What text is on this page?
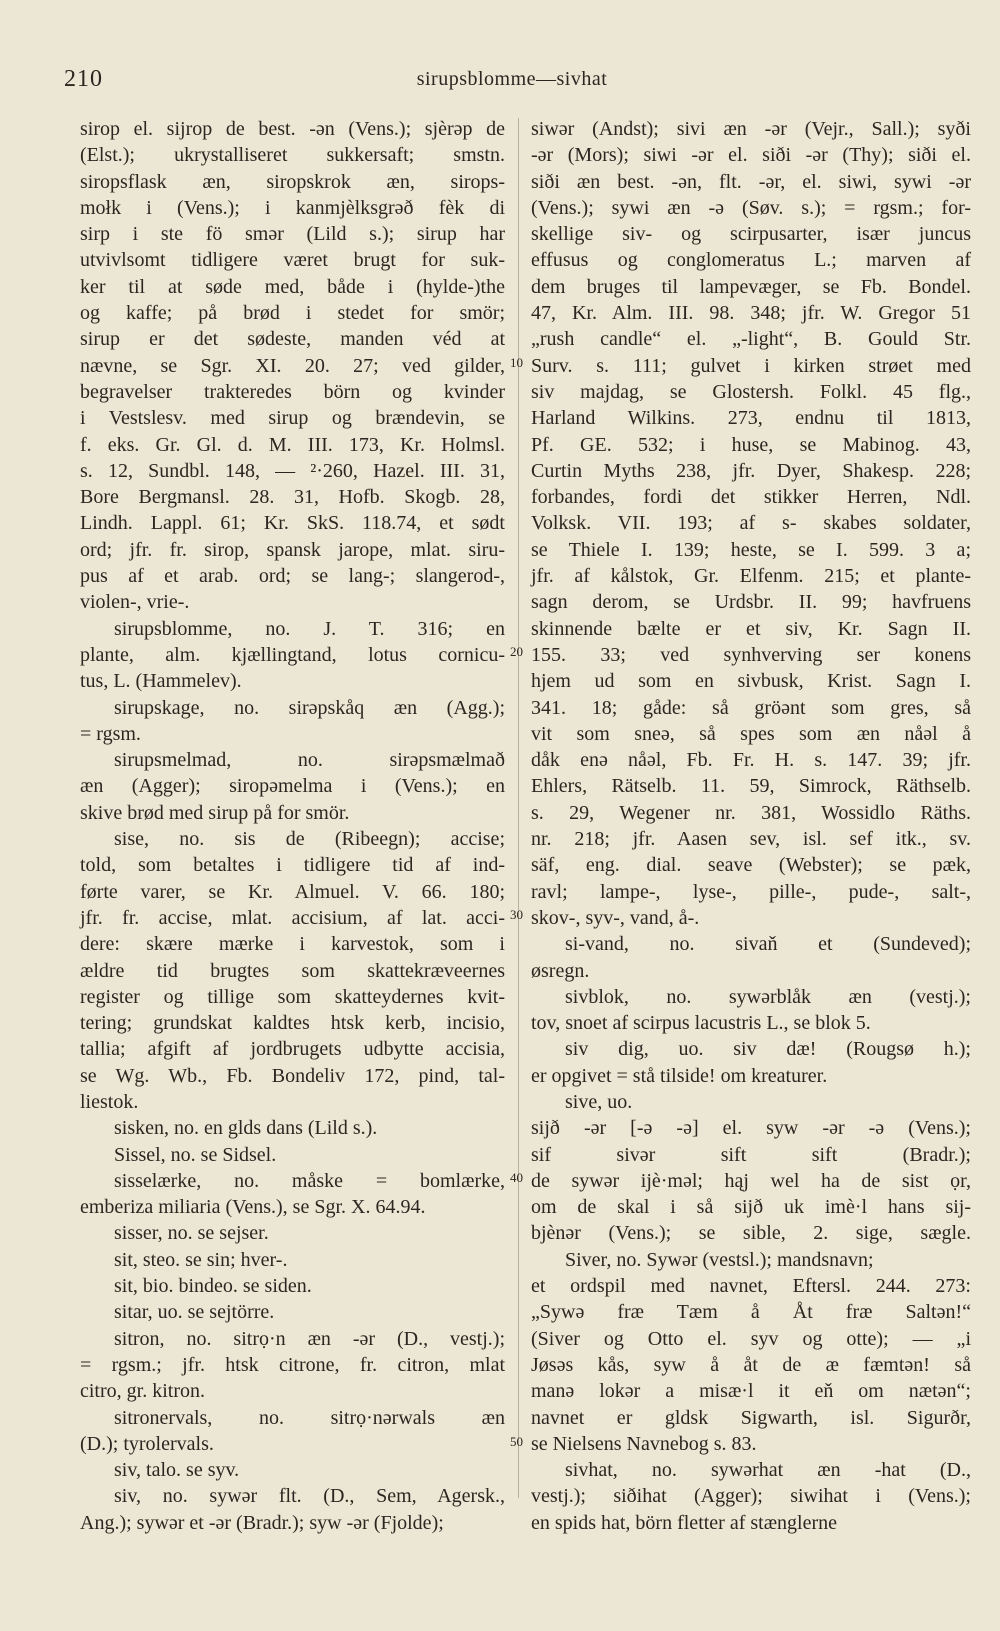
210	sirupsblomme—sivhat
10
20
30
40
50
sirop el. sijrop de best. -ən (Vens.); sjèrəp de
(Elst.); ukrystalliseret sukkersaft; smstn.
siropsflask æn, siropskrok æn, sirops-
mołk i (Vens.); i kanmjèlksgrəð fèk di
sirp i ste fö smər (Lild s.); sirup har
utvivlsomt tidligere været brugt for suk-
ker til at søde med, både i (hylde-)the
og kaffe; på brød i stedet for smör;
sirup er det sødeste, manden véd at
nævne, se Sgr. XI. 20. 27; ved gilder,
begravelser trakteredes börn og kvinder
i Vestslesv. med sirup og brændevin, se
f. eks. Gr. Gl. d. M. III. 173, Kr. Holmsl.
s. 12, Sundbl. 148, — ²·260, Hazel. III. 31,
Bore Bergmansl. 28. 31, Hofb. Skogb. 28,
Lindh. Lappl. 61; Kr. SkS. 118.74, et sødt
ord; jfr. fr. sirop, spansk jarope, mlat. siru-
pus af et arab. ord; se lang-; slangerod-,
violen-, vrie-.
sirupsblomme, no. J. T. 316; en
plante, alm. kjællingtand, lotus cornicu-
tus, L. (Hammelev).
sirupskage, no. sirəpskåq æn (Agg.);
= rgsm.
sirupsmelmad, no. sirəpsmælmað
æn (Agger); siropəmelma i (Vens.); en
skive brød med sirup på for smör.
sise, no. sis de (Ribeegn); accise;
told, som betaltes i tidligere tid af ind-
førte varer, se Kr. Almuel. V. 66. 180;
jfr. fr. accise, mlat. accisium, af lat. acci-
dere: skære mærke i karvestok, som i
ældre tid brugtes som skattekræveernes
register og tillige som skatteydernes kvit-
tering; grundskat kaldtes htsk kerb, incisio,
tallia; afgift af jordbrugets udbytte accisia,
se Wg. Wb., Fb. Bondeliv 172, pind, tal-
liestok.
sisken, no. en glds dans (Lild s.).
Sissel, no. se Sidsel.
sisselærke, no. måske = bomlærke,
emberiza miliaria (Vens.), se Sgr. X. 64.94.
sisser, no. se sejser.
sit, steo. se sin; hver-.
sit, bio. bindeo. se siden.
sitar, uo. se sejtörre.
sitron, no. sitrọ·n æn -ər (D., vestj.);
= rgsm.; jfr. htsk citrone, fr. citron, mlat
citro, gr. kitron.
sitronervals, no. sitrọ·nərwals æn
(D.); tyrolervals.
siv, talo. se syv.
siv, no. sywər flt. (D., Sem, Agersk.,
Ang.); sywər et -ər (Bradr.); syw -ər (Fjolde);
siwər (Andst); sivi æn -ər (Vejr., Sall.); syði
-ər (Mors); siwi -ər el. siði -ər (Thy); siði el.
siði æn best. -ən, flt. -ər, el. siwi, sywi -ər
(Vens.); sywi æn -ə (Søv. s.); = rgsm.; for-
skellige siv- og scirpusarter, især juncus
effusus og conglomeratus L.; marven af
dem bruges til lampevæger, se Fb. Bondel.
47, Kr. Alm. III. 98. 348; jfr. W. Gregor 51
„rush candle“ el. „-light“, B. Gould Str.
Surv. s. 111; gulvet i kirken strøet med
siv majdag, se Glostersh. Folkl. 45 flg.,
Harland Wilkins. 273, endnu til 1813,
Pf. GE. 532; i huse, se Mabinog. 43,
Curtin Myths 238, jfr. Dyer, Shakesp. 228;
forbandes, fordi det stikker Herren, Ndl.
Volksk. VII. 193; af s- skabes soldater,
se Thiele I. 139; heste, se I. 599. 3 a;
jfr. af kålstok, Gr. Elfenm. 215; et plante-
sagn derom, se Urdsbr. II. 99; havfruens
skinnende bælte er et siv, Kr. Sagn II.
155. 33; ved synhverving ser konens
hjem ud som en sivbusk, Krist. Sagn I.
341. 18; gåde: så gröənt som gres, så
vit som sneə, så spes som æn nåəl å
dåk enə nåəl, Fb. Fr. H. s. 147. 39; jfr.
Ehlers, Rätselb. 11. 59, Simrock, Räthselb.
s. 29, Wegener nr. 381, Wossidlo Räths.
nr. 218; jfr. Aasen sev, isl. sef itk., sv.
säf, eng. dial. seave (Webster); se pæk,
ravl; lampe-, lyse-, pille-, pude-, salt-,
skov-, syv-, vand, å-.
si-vand, no. sivaň et (Sundeved);
øsregn.
sivblok, no. sywərblåk æn (vestj.);
tov, snoet af scirpus lacustris L., se blok 5.
siv dig, uo. siv dæ! (Rougsø h.);
er opgivet = stå tilside! om kreaturer.
sive, uo.
sijð -ər [-ə -ə] el. syw -ər -ə (Vens.);
sif sivər sift sift (Bradr.);
de sywər ijè·məl; hąj wel ha de sist ọr,
om de skal i så sijð uk imè·l hans sij-
bjènər (Vens.); se sible, 2. sige, sægle.
Siver, no. Sywər (vestsl.); mandsnavn;
et ordspil med navnet, Eftersl. 244. 273:
„Sywə fræ Tæm å Åt fræ Saltən!“
(Siver og Otto el. syv og otte); — „i
Jøsəs kås, syw å åt de æ fæmtən! så
manə lokər a misæ·l it eň om nætən“;
navnet er gldsk Sigwarth, isl. Sigurðr,
se Nielsens Navnebog s. 83.
sivhat, no. sywərhat æn -hat (D.,
vestj.); siðihat (Agger); siwihat i (Vens.);
en spids hat, börn fletter af stænglerne
